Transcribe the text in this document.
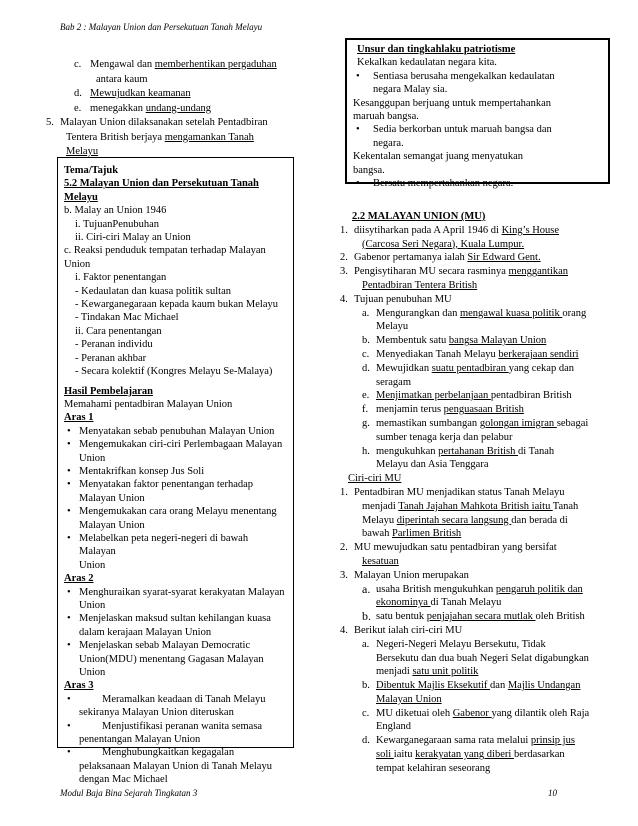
Bab 2 : Malayan Union dan Persekutuan Tanah Melayu
c. Mengawal dan memberhentikan pergaduhan
antara kaum
d. Mewujudkan keamanan
e. menegakkan undang-undang
5. Malayan Union dilaksanakan setelah Pentadbiran
Tentera British berjaya mengamankan Tanah
Melayu
Tema/Tajuk
5.2 Malayan Union dan Persekutuan Tanah
Melayu
b. Malay an Union 1946
i. TujuanPenubuhan
ii. Ciri-ciri Malay an Union
c. Reaksi penduduk tempatan terhadap Malayan
Union
i. Faktor penentangan
- Kedaulatan dan kuasa politik sultan
- Kewarganegaraan kepada kaum bukan Melayu
- Tindakan Mac Michael
ii. Cara penentangan
- Peranan individu
- Peranan akhbar
- Secara kolektif (Kongres Melayu Se-Malaya)
Hasil Pembelajaran
Memahami pentadbiran Malayan Union
Aras 1
• Menyatakan sebab penubuhan Malayan Union
• Mengemukakan ciri-ciri Perlembagaan Malayan
Union
• Mentakrifkan konsep Jus Soli
• Menyatakan faktor penentangan terhadap
Malayan Union
• Mengemukakan cara orang Melayu menentang
Malayan Union
• Melabelkan peta negeri-negeri di bawah Malayan
Union
Aras 2
• Menghuraikan syarat-syarat kerakyatan Malayan
Union
• Menjelaskan maksud sultan kehilangan kuasa
dalam kerajaan Malayan Union
• Menjelaskan sebab Malayan Democratic
Union(MDU) menentang Gagasan Malayan
Union
Aras 3
• Meramalkan keadaan di Tanah Melayu
sekiranya Malayan Union diteruskan
• Menjustifikasi peranan wanita semasa
penentangan Malayan Union
• Menghubungkaitkan kegagalan
pelaksanaan Malayan Union di Tanah Melayu
dengan Mac Michael
Unsur dan tingkahlaku patriotisme
Kekalkan kedaulatan negara kita.
• Sentiasa berusaha mengekalkan kedaulatan
negara Malay sia.
Kesanggupan berjuang untuk mempertahankan
maruah bangsa.
• Sedia berkorban untuk maruah bangsa dan
negara.
Kekentalan semangat juang menyatukan
bangsa.
• Bersatu mempertahankan negara.
2.2 MALAYAN UNION (MU)
1. diisytiharkan pada A April 1946 di King’s House
(Carcosa Seri Negara), Kuala Lumpur.
2. Gabenor pertamanya ialah Sir Edward Gent.
3. Pengisytiharan MU secara rasminya menggantikan
Pentadbiran Tentera British
4. Tujuan penubuhan MU
a. Mengurangkan dan mengawal kuasa politik orang
Melayu
b. Membentuk satu bangsa Malayan Union
c. Menyediakan Tanah Melayu berkerajaan sendiri
d. Mewujidkan suatu pentadbiran yang cekap dan
seragam
e. Menjimatkan perbelanjaan pentadbiran British
f. menjamin terus penguasaan British
g. memastikan sumbangan golongan imigran sebagai
sumber tenaga kerja dan pelabur
h. mengukuhkan pertahanan British di Tanah
Melayu dan Asia Tenggara
Ciri-ciri MU
1. Pentadbiran MU menjadikan status Tanah Melayu
menjadi Tanah Jajahan Mahkota British iaitu Tanah
Melayu diperintah secara langsung dan berada di
bawah Parlimen British
2. MU mewujudkan satu pentadbiran yang bersifat
kesatuan
3. Malayan Union merupakan
a. usaha British mengukuhkan pengaruh politik dan
ekonominya di Tanah Melayu
b. satu bentuk penjajahan secara mutlak oleh British
4. Berikut ialah ciri-ciri MU
a. Negeri-Negeri Melayu Bersekutu, Tidak
Bersekutu dan dua buah Negeri Selat digabungkan
menjadi satu unit politik
b. Dibentuk Majlis Eksekutif dan Majlis Undangan
Malayan Union
c. MU diketuai oleh Gabenor yang dilantik oleh Raja
England
d. Kewarganegaraan sama rata melalui prinsip jus
soli iaitu kerakyatan yang diberi berdasarkan
tempat kelahiran seseorang
Modul Baja Bina Sejarah Tingkatan 3	10
